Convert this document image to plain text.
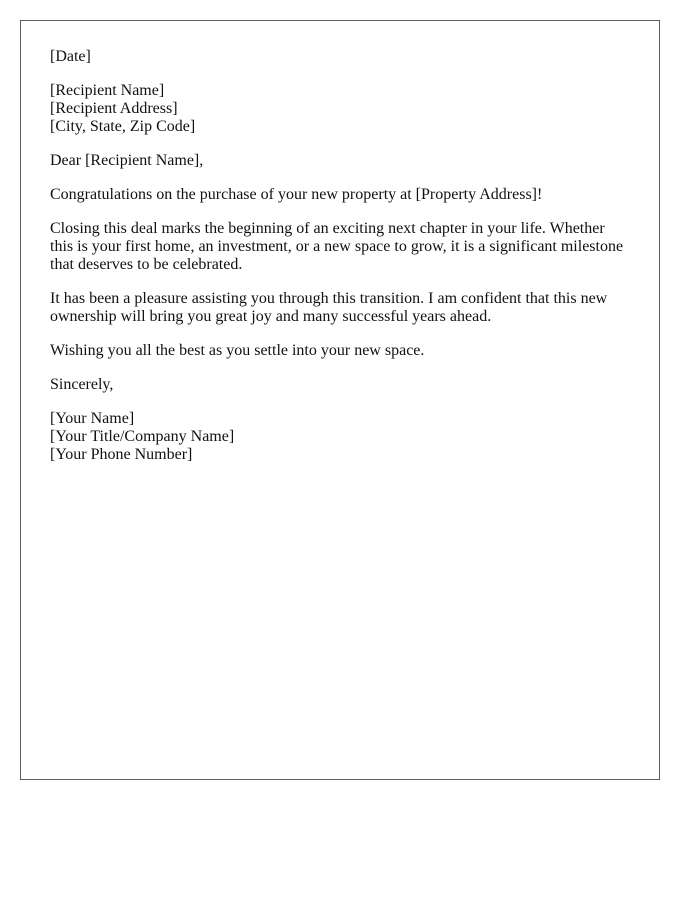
[Date]
[Recipient Name]
[Recipient Address]
[City, State, Zip Code]

Dear [Recipient Name],

Congratulations on the purchase of your new property at [Property Address]!

Closing this deal marks the beginning of an exciting next chapter in your life. Whether this is your first home, an investment, or a new space to grow, it is a significant milestone that deserves to be celebrated.

It has been a pleasure assisting you through this transition. I am confident that this new ownership will bring you great joy and many successful years ahead.

Wishing you all the best as you settle into your new space.

Sincerely,

[Your Name]
[Your Title/Company Name]
[Your Phone Number]
